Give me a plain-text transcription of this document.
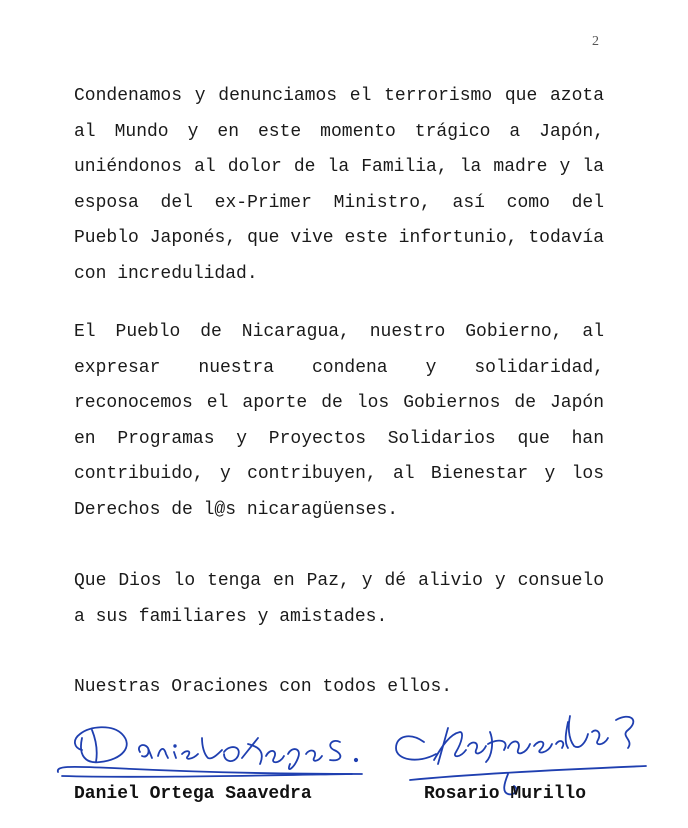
2

Condenamos y denunciamos el terrorismo que azota al Mundo y en este momento trágico a Japón, uniéndonos al dolor de la Familia, la madre y la esposa del ex-Primer Ministro, así como del Pueblo Japonés, que vive este infortunio, todavía con incredulidad.

El Pueblo de Nicaragua, nuestro Gobierno, al expresar nuestra condena y solidaridad, reconocemos el aporte de los Gobiernos de Japón en Programas y Proyectos Solidarios que han contribuido, y contribuyen, al Bienestar y los Derechos de l@s nicaragüenses.

Que Dios lo tenga en Paz, y dé alivio y consuelo a sus familiares y amistades.

Nuestras Oraciones con todos ellos.

Daniel Ortega Saavedra	Rosario Murillo
